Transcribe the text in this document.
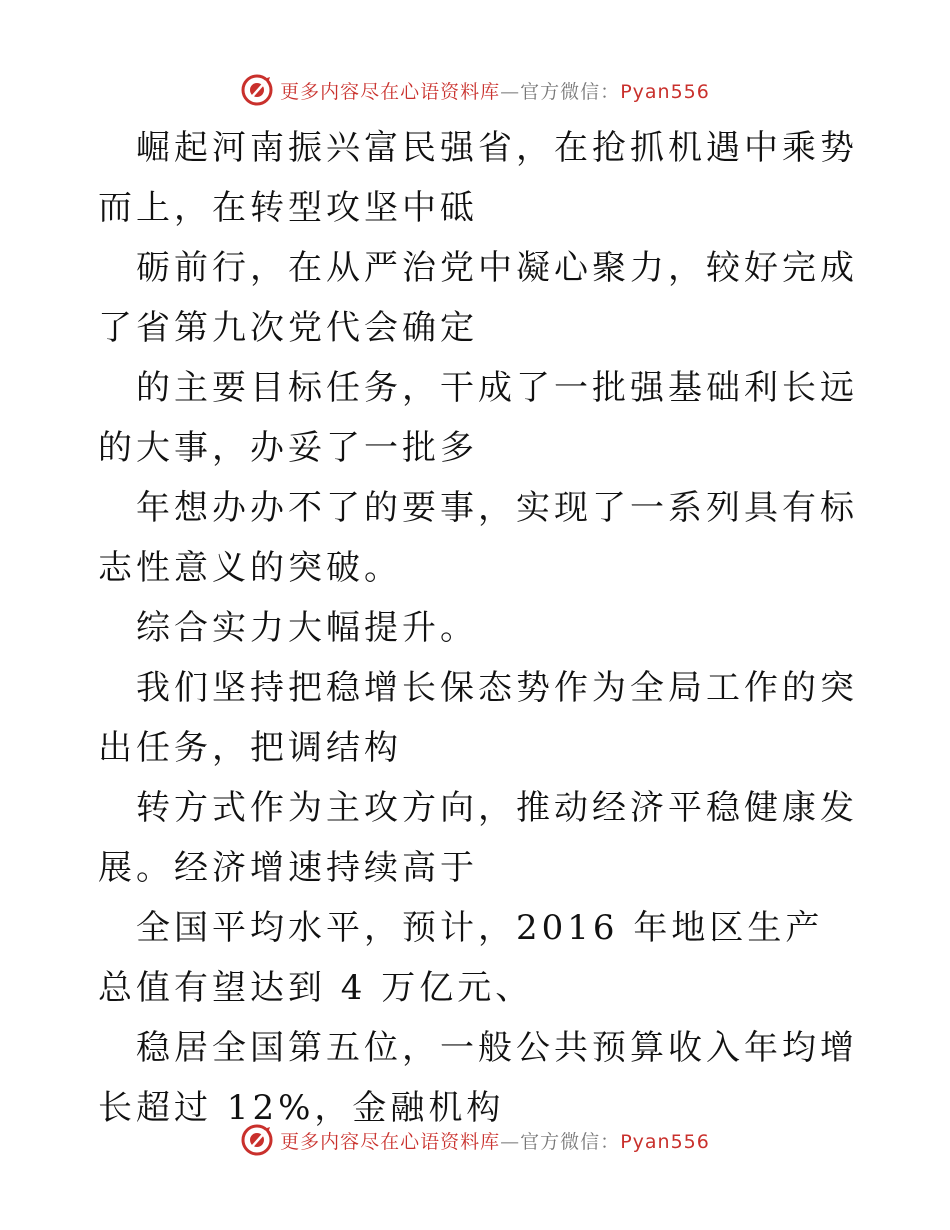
更多内容尽在心语资料库—官方微信：Pyan556

崛起河南振兴富民强省，在抢抓机遇中乘势而上，在转型攻坚中砥

砺前行，在从严治党中凝心聚力，较好完成了省第九次党代会确定

的主要目标任务，干成了一批强基础利长远的大事，办妥了一批多

年想办办不了的要事，实现了一系列具有标志性意义的突破。

综合实力大幅提升。

我们坚持把稳增长保态势作为全局工作的突出任务，把调结构

转方式作为主攻方向，推动经济平稳健康发展。经济增速持续高于

全国平均水平，预计，2016 年地区生产总值有望达到 4 万亿元、

稳居全国第五位，一般公共预算收入年均增长超过 12%，金融机构

更多内容尽在心语资料库—官方微信：Pyan556
